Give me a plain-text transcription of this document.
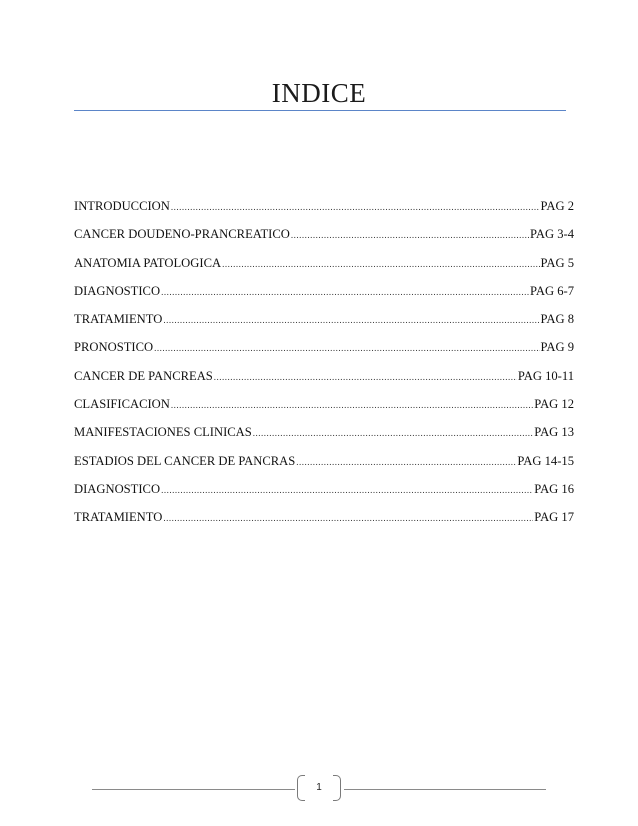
INDICE
INTRODUCCION .....	PAG 2
CANCER DOUDENO-PRANCREATICO .....	PAG 3-4
ANATOMIA PATOLOGICA .....	PAG 5
DIAGNOSTICO .....	PAG 6-7
TRATAMIENTO .....	PAG 8
PRONOSTICO .....	PAG 9
CANCER DE PANCREAS .....	PAG 10-11
CLASIFICACION .....	PAG 12
MANIFESTACIONES CLINICAS .....	PAG 13
ESTADIOS DEL CANCER DE PANCRAS .....	PAG 14-15
DIAGNOSTICO .....	PAG 16
TRATAMIENTO .....	PAG 17
1
